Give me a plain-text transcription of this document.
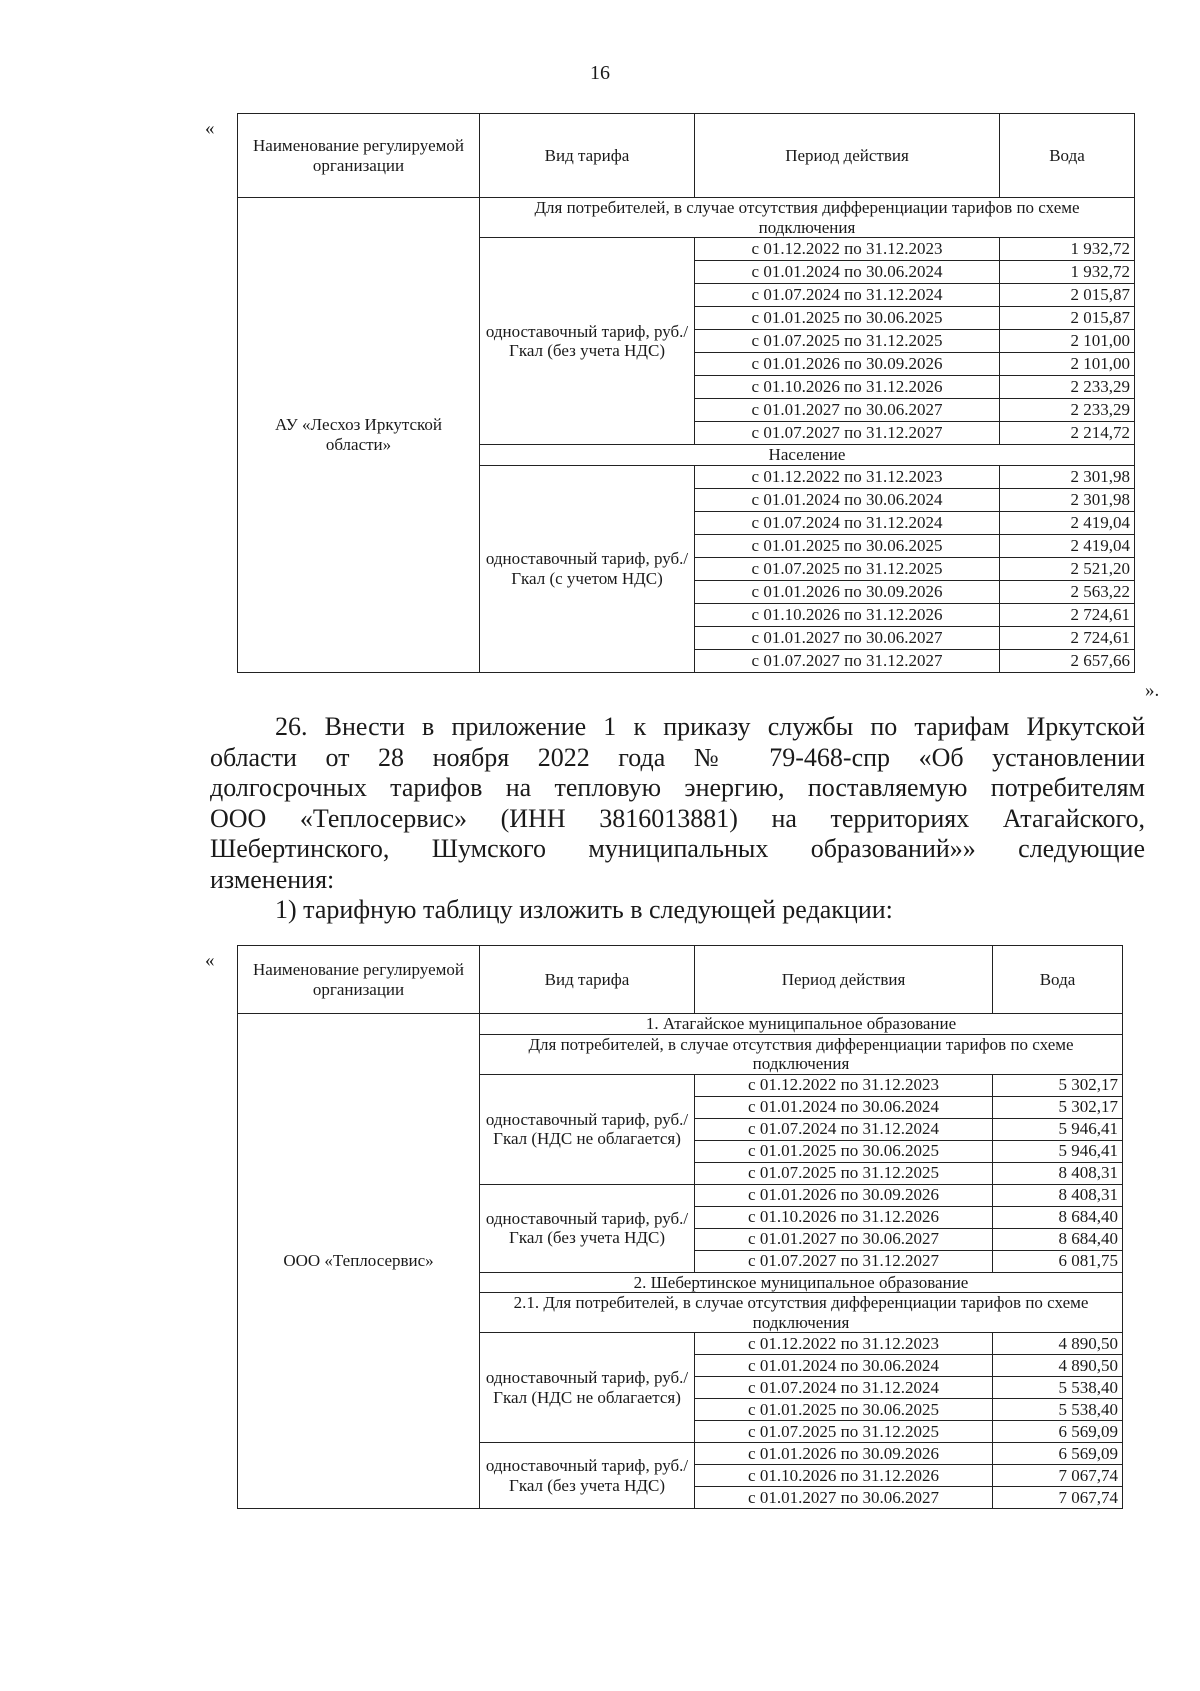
16
«
Наименование регулируемой организации	Вид тарифа	Период действия	Вода
АУ «Лесхоз Иркутской области»	Для потребителей, в случае отсутствия дифференциации тарифов по схеме подключения		
	одноставочный тариф, руб./Гкал (без учета НДС)	с 01.12.2022 по 31.12.2023	1 932,72
		с 01.01.2024 по 30.06.2024	1 932,72
		с 01.07.2024 по 31.12.2024	2 015,87
		с 01.01.2025 по 30.06.2025	2 015,87
		с 01.07.2025 по 31.12.2025	2 101,00
		с 01.01.2026 по 30.09.2026	2 101,00
		с 01.10.2026 по 31.12.2026	2 233,29
		с 01.01.2027 по 30.06.2027	2 233,29
		с 01.07.2027 по 31.12.2027	2 214,72
	Население		
	одноставочный тариф, руб./Гкал (с учетом НДС)	с 01.12.2022 по 31.12.2023	2 301,98
		с 01.01.2024 по 30.06.2024	2 301,98
		с 01.07.2024 по 31.12.2024	2 419,04
		с 01.01.2025 по 30.06.2025	2 419,04
		с 01.07.2025 по 31.12.2025	2 521,20
		с 01.01.2026 по 30.09.2026	2 563,22
		с 01.10.2026 по 31.12.2026	2 724,61
		с 01.01.2027 по 30.06.2027	2 724,61
		с 01.07.2027 по 31.12.2027	2 657,66
».
26. Внести в приложение 1 к приказу службы по тарифам Иркутской
области от 28 ноября 2022 года № 79-468-спр «Об установлении
долгосрочных тарифов на тепловую энергию, поставляемую потребителям
ООО «Теплосервис» (ИНН 3816013881) на территориях Атагайского,
Шебертинского, Шумского муниципальных образований»» следующие
изменения:
1) тарифную таблицу изложить в следующей редакции:
« Наименование регулируемой организации	Вид тарифа	Период действия	Вода
ООО «Теплосервис»	1. Атагайское муниципальное образование		
	Для потребителей, в случае отсутствия дифференциации тарифов по схеме подключения		
	одноставочный тариф, руб./Гкал (НДС не облагается)	с 01.12.2022 по 31.12.2023	5 302,17
		с 01.01.2024 по 30.06.2024	5 302,17
		с 01.07.2024 по 31.12.2024	5 946,41
		с 01.01.2025 по 30.06.2025	5 946,41
		с 01.07.2025 по 31.12.2025	8 408,31
	одноставочный тариф, руб./Гкал (без учета НДС)	с 01.01.2026 по 30.09.2026	8 408,31
		с 01.10.2026 по 31.12.2026	8 684,40
		с 01.01.2027 по 30.06.2027	8 684,40
		с 01.07.2027 по 31.12.2027	6 081,75
	2. Шебертинское муниципальное образование		
	2.1. Для потребителей, в случае отсутствия дифференциации тарифов по схеме подключения		
	одноставочный тариф, руб./Гкал (НДС не облагается)	с 01.12.2022 по 31.12.2023	4 890,50
		с 01.01.2024 по 30.06.2024	4 890,50
		с 01.07.2024 по 31.12.2024	5 538,40
		с 01.01.2025 по 30.06.2025	5 538,40
		с 01.07.2025 по 31.12.2025	6 569,09
	одноставочный тариф, руб./Гкал (без учета НДС)	с 01.01.2026 по 30.09.2026	6 569,09
		с 01.10.2026 по 31.12.2026	7 067,74
		с 01.01.2027 по 30.06.2027	7 067,74
